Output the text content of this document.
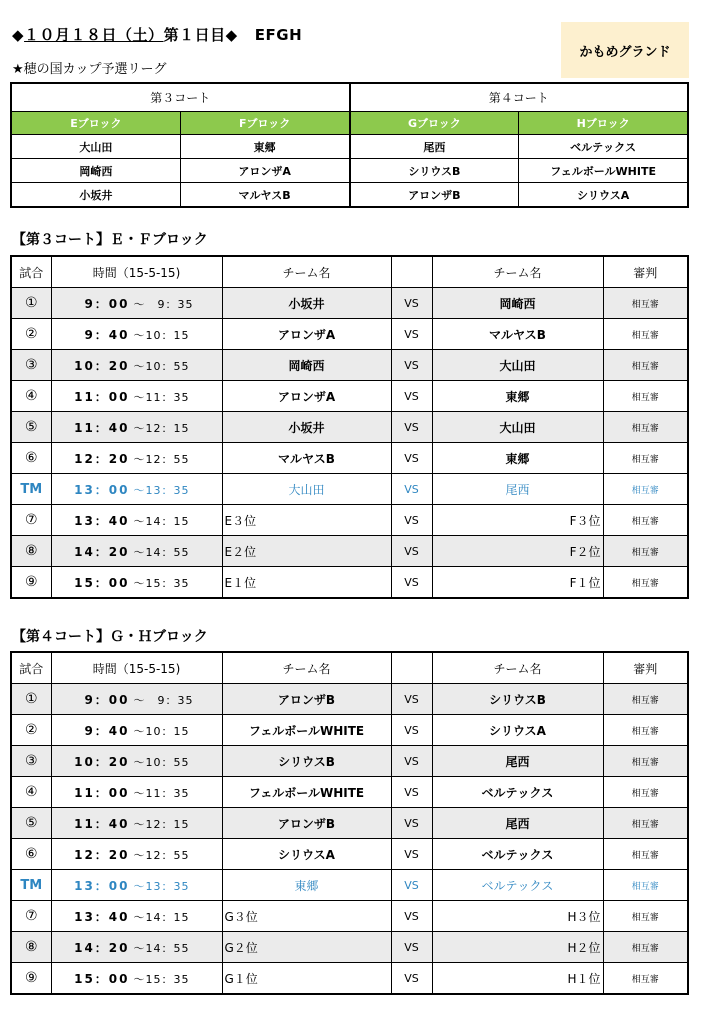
◆１０月１８日（土）第１日目◆ EFGH
★穂の国カップ予選リーグ
かもめグランド
第３コート		第４コート	
Eブロック	Fブロック	Gブロック	Hブロック
大山田	東郷	尾西	ベルテックス
岡崎西	アロンザA	シリウスB	フェルボールWHITE
小坂井	マルヤスB	アロンザB	シリウスA
【第３コート】Ｅ・Ｆブロック
試合	時間（15-5-15)	チーム名		チーム名	審判
①	9：00 ～　9：35	小坂井	VS	岡崎西	相互審
②	9：40 ～10：15	アロンザA	VS	マルヤスB	相互審
③	10：20 ～10：55	岡崎西	VS	大山田	相互審
④	11：00 ～11：35	アロンザA	VS	東郷	相互審
⑤	11：40 ～12：15	小坂井	VS	大山田	相互審
⑥	12：20 ～12：55	マルヤスB	VS	東郷	相互審
TM	13：00 ～13：35	大山田	VS	尾西	相互審
⑦	13：40 ～14：15	E３位	VS	F３位	相互審
⑧	14：20 ～14：55	E２位	VS	F２位	相互審
⑨	15：00 ～15：35	E１位	VS	F１位	相互審
【第４コート】Ｇ・Ｈブロック
試合	時間（15-5-15)	チーム名		チーム名	審判
①	9：00 ～　9：35	アロンザB	VS	シリウスB	相互審
②	9：40 ～10：15	フェルボールWHITE	VS	シリウスA	相互審
③	10：20 ～10：55	シリウスB	VS	尾西	相互審
④	11：00 ～11：35	フェルボールWHITE	VS	ベルテックス	相互審
⑤	11：40 ～12：15	アロンザB	VS	尾西	相互審
⑥	12：20 ～12：55	シリウスA	VS	ベルテックス	相互審
TM	13：00 ～13：35	東郷	VS	ベルテックス	相互審
⑦	13：40 ～14：15	G３位	VS	H３位	相互審
⑧	14：20 ～14：55	G２位	VS	H２位	相互審
⑨	15：00 ～15：35	G１位	VS	H１位	相互審
